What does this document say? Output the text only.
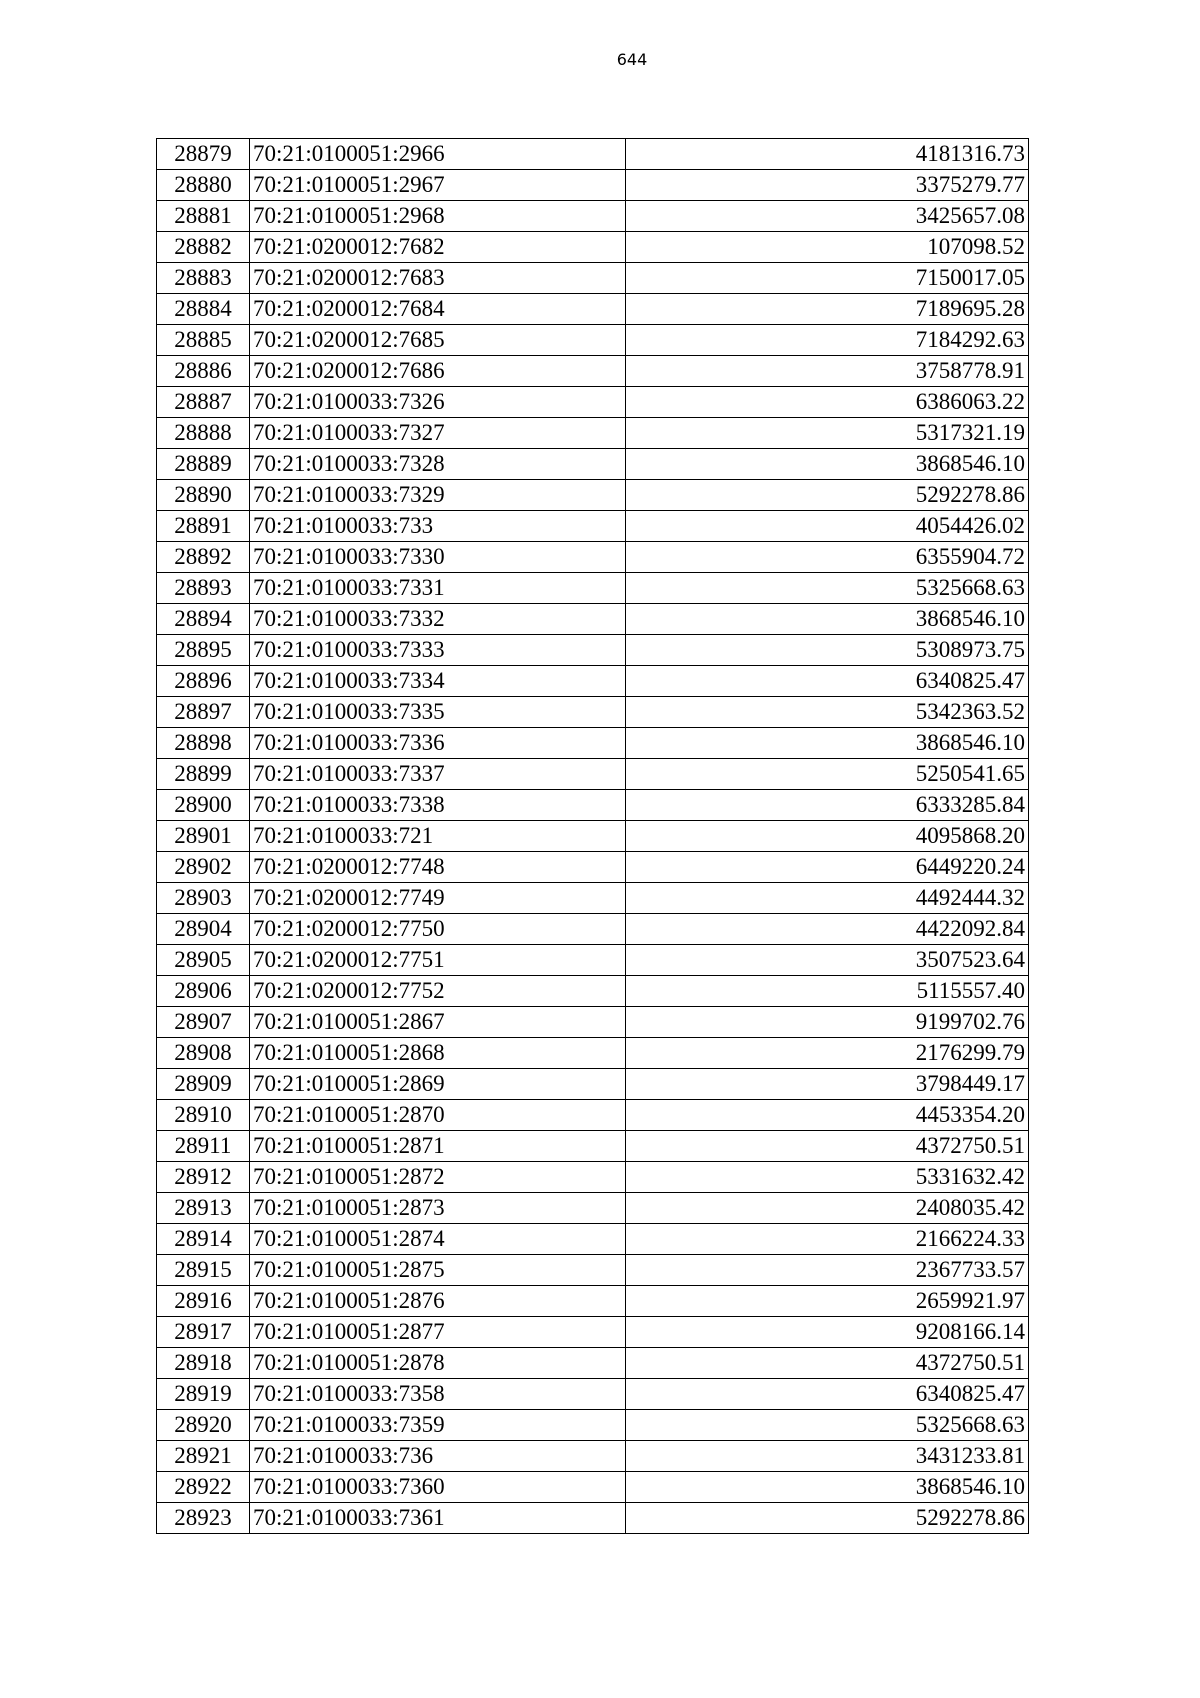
644
28879	70:21:0100051:2966	4181316.73
28880	70:21:0100051:2967	3375279.77
28881	70:21:0100051:2968	3425657.08
28882	70:21:0200012:7682	107098.52
28883	70:21:0200012:7683	7150017.05
28884	70:21:0200012:7684	7189695.28
28885	70:21:0200012:7685	7184292.63
28886	70:21:0200012:7686	3758778.91
28887	70:21:0100033:7326	6386063.22
28888	70:21:0100033:7327	5317321.19
28889	70:21:0100033:7328	3868546.10
28890	70:21:0100033:7329	5292278.86
28891	70:21:0100033:733	4054426.02
28892	70:21:0100033:7330	6355904.72
28893	70:21:0100033:7331	5325668.63
28894	70:21:0100033:7332	3868546.10
28895	70:21:0100033:7333	5308973.75
28896	70:21:0100033:7334	6340825.47
28897	70:21:0100033:7335	5342363.52
28898	70:21:0100033:7336	3868546.10
28899	70:21:0100033:7337	5250541.65
28900	70:21:0100033:7338	6333285.84
28901	70:21:0100033:721	4095868.20
28902	70:21:0200012:7748	6449220.24
28903	70:21:0200012:7749	4492444.32
28904	70:21:0200012:7750	4422092.84
28905	70:21:0200012:7751	3507523.64
28906	70:21:0200012:7752	5115557.40
28907	70:21:0100051:2867	9199702.76
28908	70:21:0100051:2868	2176299.79
28909	70:21:0100051:2869	3798449.17
28910	70:21:0100051:2870	4453354.20
28911	70:21:0100051:2871	4372750.51
28912	70:21:0100051:2872	5331632.42
28913	70:21:0100051:2873	2408035.42
28914	70:21:0100051:2874	2166224.33
28915	70:21:0100051:2875	2367733.57
28916	70:21:0100051:2876	2659921.97
28917	70:21:0100051:2877	9208166.14
28918	70:21:0100051:2878	4372750.51
28919	70:21:0100033:7358	6340825.47
28920	70:21:0100033:7359	5325668.63
28921	70:21:0100033:736	3431233.81
28922	70:21:0100033:7360	3868546.10
28923	70:21:0100033:7361	5292278.86
